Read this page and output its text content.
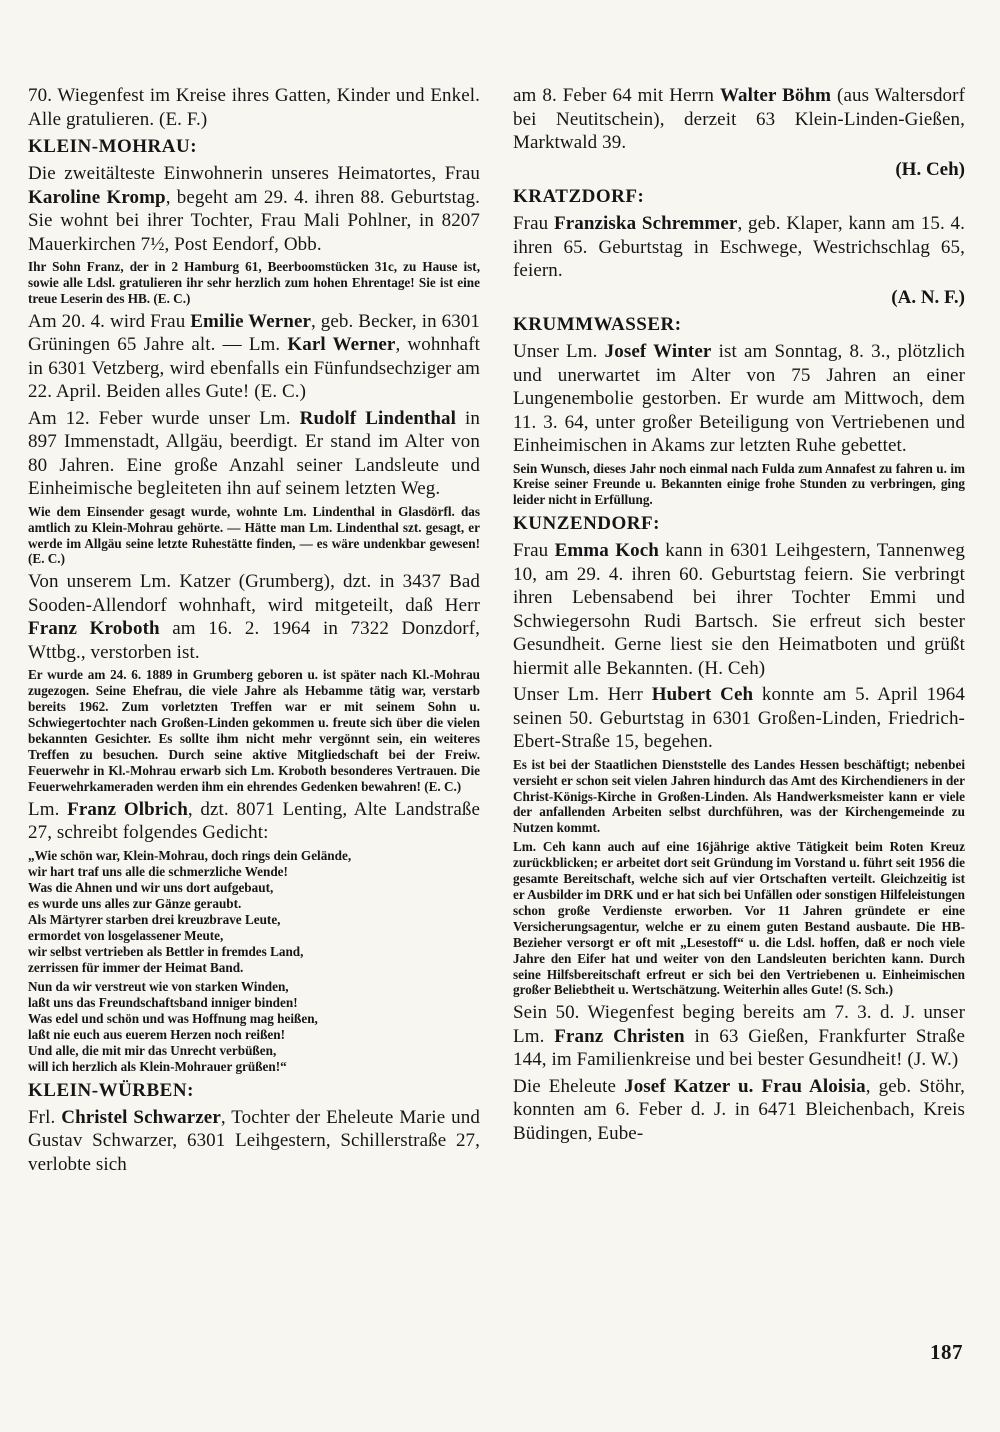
70. Wiegenfest im Kreise ihres Gatten, Kinder und Enkel. Alle gratulieren. (E. F.)

KLEIN-MOHRAU:

Die zweitälteste Einwohnerin unseres Heimatortes, Frau Karoline Kromp, begeht am 29. 4. ihren 88. Geburtstag. Sie wohnt bei ihrer Tochter, Frau Mali Pohlner, in 8207 Mauerkirchen 7½, Post Eendorf, Obb.

Ihr Sohn Franz, der in 2 Hamburg 61, Beerboomstücken 31c, zu Hause ist, sowie alle Ldsl. gratulieren ihr sehr herzlich zum hohen Ehrentage! Sie ist eine treue Leserin des HB. (E. C.)

Am 20. 4. wird Frau Emilie Werner, geb. Becker, in 6301 Grüningen 65 Jahre alt. — Lm. Karl Werner, wohnhaft in 6301 Vetzberg, wird ebenfalls ein Fünfundsechziger am 22. April. Beiden alles Gute! (E. C.)

Am 12. Feber wurde unser Lm. Rudolf Lindenthal in 897 Immenstadt, Allgäu, beerdigt. Er stand im Alter von 80 Jahren. Eine große Anzahl seiner Landsleute und Einheimische begleiteten ihn auf seinem letzten Weg.

Wie dem Einsender gesagt wurde, wohnte Lm. Lindenthal in Glasdörfl. das amtlich zu Klein-Mohrau gehörte. — Hätte man Lm. Lindenthal szt. gesagt, er werde im Allgäu seine letzte Ruhestätte finden, — es wäre undenkbar gewesen! (E. C.)

Von unserem Lm. Katzer (Grumberg), dzt. in 3437 Bad Sooden-Allendorf wohnhaft, wird mitgeteilt, daß Herr Franz Kroboth am 16. 2. 1964 in 7322 Donzdorf, Wttbg., verstorben ist.

Er wurde am 24. 6. 1889 in Grumberg geboren u. ist später nach Kl.-Mohrau zugezogen. Seine Ehefrau, die viele Jahre als Hebamme tätig war, verstarb bereits 1962. Zum vorletzten Treffen war er mit seinem Sohn u. Schwiegertochter nach Großen-Linden gekommen u. freute sich über die vielen bekannten Gesichter. Es sollte ihm nicht mehr vergönnt sein, ein weiteres Treffen zu besuchen. Durch seine aktive Mitgliedschaft bei der Freiw. Feuerwehr in Kl.-Mohrau erwarb sich Lm. Kroboth besonderes Vertrauen. Die Feuerwehrkameraden werden ihm ein ehrendes Gedenken bewahren! (E. C.)

Lm. Franz Olbrich, dzt. 8071 Lenting, Alte Landstraße 27, schreibt folgendes Gedicht:

„Wie schön war, Klein-Mohrau, doch rings dein Gelände,
wir hart traf uns alle die schmerzliche Wende!
Was die Ahnen und wir uns dort aufgebaut,
es wurde uns alles zur Gänze geraubt.
Als Märtyrer starben drei kreuzbrave Leute,
ermordet von losgelassener Meute,
wir selbst vertrieben als Bettler in fremdes Land,
zerrissen für immer der Heimat Band.

Nun da wir verstreut wie von starken Winden,
laßt uns das Freundschaftsband inniger binden!
Was edel und schön und was Hoffnung mag heißen,
laßt nie euch aus euerem Herzen noch reißen!
Und alle, die mit mir das Unrecht verbüßen,
will ich herzlich als Klein-Mohrauer grüßen!“

KLEIN-WÜRBEN:

Frl. Christel Schwarzer, Tochter der Eheleute Marie und Gustav Schwarzer, 6301 Leihgestern, Schillerstraße 27, verlobte sich

am 8. Feber 64 mit Herrn Walter Böhm (aus Waltersdorf bei Neutitschein), derzeit 63 Klein-Linden-Gießen, Marktwald 39.

(H. Ceh)

KRATZDORF:

Frau Franziska Schremmer, geb. Klaper, kann am 15. 4. ihren 65. Geburtstag in Eschwege, Westrichschlag 65, feiern.

(A. N. F.)

KRUMMWASSER:

Unser Lm. Josef Winter ist am Sonntag, 8. 3., plötzlich und unerwartet im Alter von 75 Jahren an einer Lungenembolie gestorben. Er wurde am Mittwoch, dem 11. 3. 64, unter großer Beteiligung von Vertriebenen und Einheimischen in Akams zur letzten Ruhe gebettet.

Sein Wunsch, dieses Jahr noch einmal nach Fulda zum Annafest zu fahren u. im Kreise seiner Freunde u. Bekannten einige frohe Stunden zu verbringen, ging leider nicht in Erfüllung.

KUNZENDORF:

Frau Emma Koch kann in 6301 Leihgestern, Tannenweg 10, am 29. 4. ihren 60. Geburtstag feiern. Sie verbringt ihren Lebensabend bei ihrer Tochter Emmi und Schwiegersohn Rudi Bartsch. Sie erfreut sich bester Gesundheit. Gerne liest sie den Heimatboten und grüßt hiermit alle Bekannten. (H. Ceh)

Unser Lm. Herr Hubert Ceh konnte am 5. April 1964 seinen 50. Geburtstag in 6301 Großen-Linden, Friedrich-Ebert-Straße 15, begehen.

Es ist bei der Staatlichen Dienststelle des Landes Hessen beschäftigt; nebenbei versieht er schon seit vielen Jahren hindurch das Amt des Kirchendieners in der Christ-Königs-Kirche in Großen-Linden. Als Handwerksmeister kann er viele der anfallenden Arbeiten selbst durchführen, was der Kirchengemeinde zu Nutzen kommt.

Lm. Ceh kann auch auf eine 16jährige aktive Tätigkeit beim Roten Kreuz zurückblicken; er arbeitet dort seit Gründung im Vorstand u. führt seit 1956 die gesamte Bereitschaft, welche sich auf vier Ortschaften verteilt. Gleichzeitig ist er Ausbilder im DRK und er hat sich bei Unfällen oder sonstigen Hilfeleistungen schon große Verdienste erworben. Vor 11 Jahren gründete er eine Versicherungsagentur, welche er zu einem guten Bestand ausbaute. Die HB-Bezieher versorgt er oft mit „Lesestoff“ u. die Ldsl. hoffen, daß er noch viele Jahre den Eifer hat und weiter von den Landsleuten berichten kann. Durch seine Hilfsbereitschaft erfreut er sich bei den Vertriebenen u. Einheimischen großer Beliebtheit u. Wertschätzung. Weiterhin alles Gute! (S. Sch.)

Sein 50. Wiegenfest beging bereits am 7. 3. d. J. unser Lm. Franz Christen in 63 Gießen, Frankfurter Straße 144, im Familienkreise und bei bester Gesundheit! (J. W.)

Die Eheleute Josef Katzer u. Frau Aloisia, geb. Stöhr, konnten am 6. Feber d. J. in 6471 Bleichenbach, Kreis Büdingen, Eube-

187
